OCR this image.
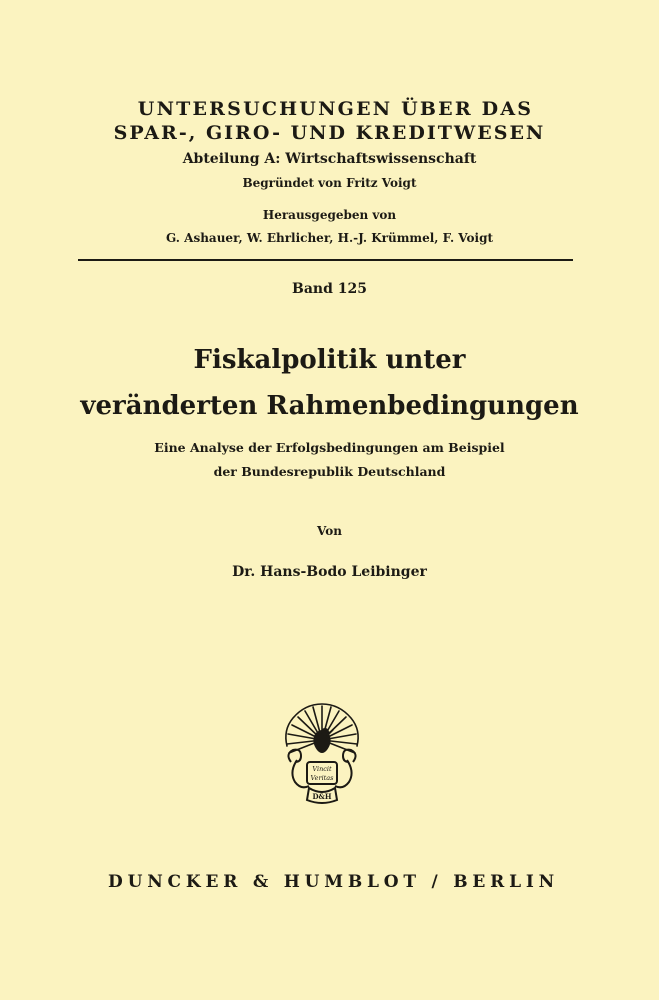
UNTERSUCHUNGEN ÜBER DAS
SPAR-, GIRO- UND KREDITWESEN
Abteilung A: Wirtschaftswissenschaft
Begründet von Fritz Voigt
Herausgegeben von
G. Ashauer, W. Ehrlicher, H.-J. Krümmel, F. Voigt
Band 125
Fiskalpolitik unter
veränderten Rahmenbedingungen
Eine Analyse der Erfolgsbedingungen am Beispiel
der Bundesrepublik Deutschland
Von
Dr. Hans-Bodo Leibinger
Vincit
Veritas
D&H
DUNCKER & HUMBLOT / BERLIN
